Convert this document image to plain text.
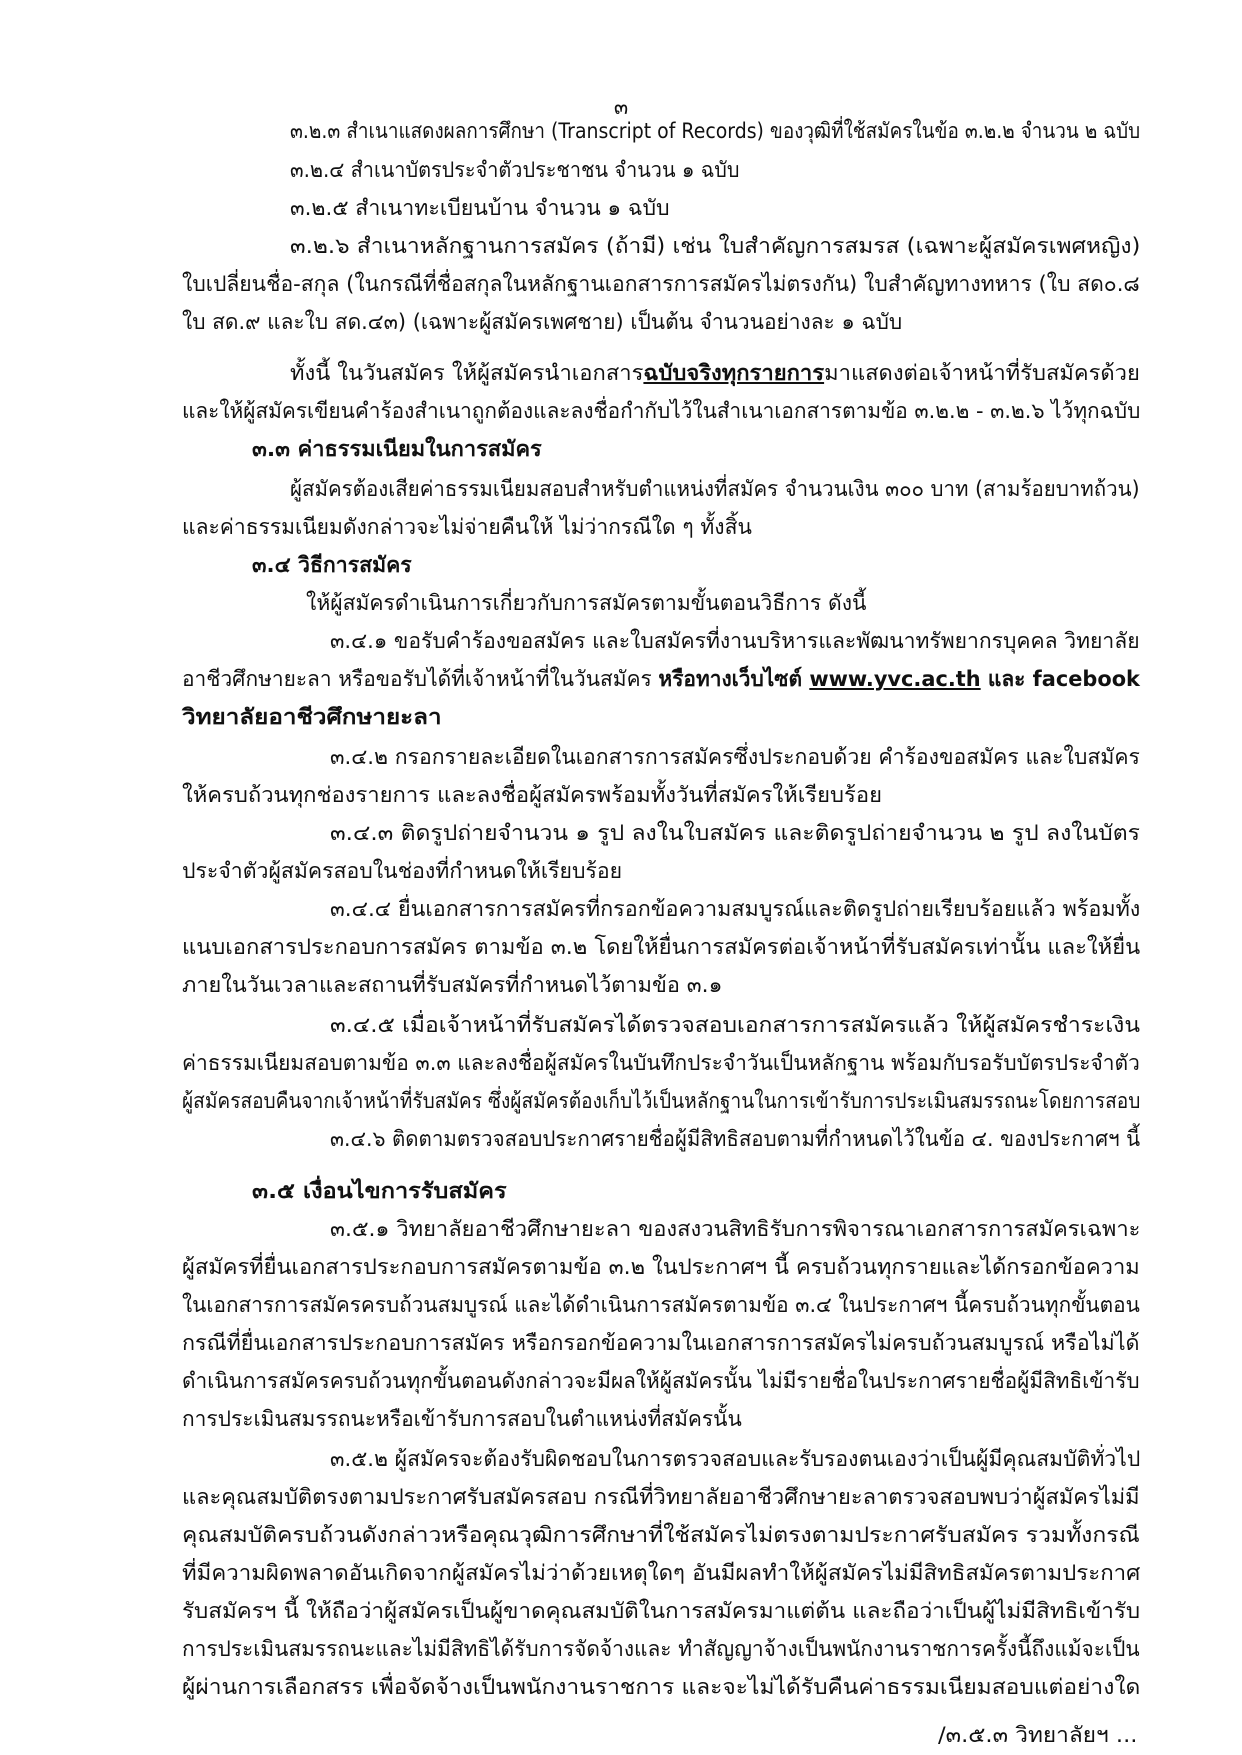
๓
๓.๒.๓ สำเนาแสดงผลการศึกษา (Transcript of Records) ของวุฒิที่ใช้สมัครในข้อ ๓.๒.๒ จำนวน ๒ ฉบับ
๓.๒.๔ สำเนาบัตรประจำตัวประชาชน จำนวน ๑ ฉบับ
๓.๒.๕ สำเนาทะเบียนบ้าน จำนวน ๑ ฉบับ
๓.๒.๖ สำเนาหลักฐานการสมัคร (ถ้ามี) เช่น ใบสำคัญการสมรส (เฉพาะผู้สมัครเพศหญิง)
ใบเปลี่ยนชื่อ-สกุล (ในกรณีที่ชื่อสกุลในหลักฐานเอกสารการสมัครไม่ตรงกัน) ใบสำคัญทางทหาร (ใบ สด๐.๘
ใบ สด.๙ และใบ สด.๔๓) (เฉพาะผู้สมัครเพศชาย) เป็นต้น จำนวนอย่างละ ๑ ฉบับ
ทั้งนี้ ในวันสมัคร ให้ผู้สมัครนำเอกสารฉบับจริงทุกรายการมาแสดงต่อเจ้าหน้าที่รับสมัครด้วย
และให้ผู้สมัครเขียนคำร้องสำเนาถูกต้องและลงชื่อกำกับไว้ในสำเนาเอกสารตามข้อ ๓.๒.๒ - ๓.๒.๖ ไว้ทุกฉบับ
๓.๓ ค่าธรรมเนียมในการสมัคร
ผู้สมัครต้องเสียค่าธรรมเนียมสอบสำหรับตำแหน่งที่สมัคร จำนวนเงิน ๓๐๐ บาท (สามร้อยบาทถ้วน)
และค่าธรรมเนียมดังกล่าวจะไม่จ่ายคืนให้ ไม่ว่ากรณีใด ๆ ทั้งสิ้น
๓.๔ วิธีการสมัคร
ให้ผู้สมัครดำเนินการเกี่ยวกับการสมัครตามขั้นตอนวิธีการ ดังนี้
๓.๔.๑ ขอรับคำร้องขอสมัคร และใบสมัครที่งานบริหารและพัฒนาทรัพยากรบุคคล วิทยาลัย
อาชีวศึกษายะลา หรือขอรับได้ที่เจ้าหน้าที่ในวันสมัคร หรือทางเว็บไซต์ www.yvc.ac.th และ facebook
วิทยาลัยอาชีวศึกษายะลา
๓.๔.๒ กรอกรายละเอียดในเอกสารการสมัครซึ่งประกอบด้วย คำร้องขอสมัคร และใบสมัคร
ให้ครบถ้วนทุกช่องรายการ และลงชื่อผู้สมัครพร้อมทั้งวันที่สมัครให้เรียบร้อย
๓.๔.๓ ติดรูปถ่ายจำนวน ๑ รูป ลงในใบสมัคร และติดรูปถ่ายจำนวน ๒ รูป ลงในบัตร
ประจำตัวผู้สมัครสอบในช่องที่กำหนดให้เรียบร้อย
๓.๔.๔ ยื่นเอกสารการสมัครที่กรอกข้อความสมบูรณ์และติดรูปถ่ายเรียบร้อยแล้ว พร้อมทั้ง
แนบเอกสารประกอบการสมัคร ตามข้อ ๓.๒ โดยให้ยื่นการสมัครต่อเจ้าหน้าที่รับสมัครเท่านั้น และให้ยื่น
ภายในวันเวลาและสถานที่รับสมัครที่กำหนดไว้ตามข้อ ๓.๑
๓.๔.๕ เมื่อเจ้าหน้าที่รับสมัครได้ตรวจสอบเอกสารการสมัครแล้ว ให้ผู้สมัครชำระเงิน
ค่าธรรมเนียมสอบตามข้อ ๓.๓ และลงชื่อผู้สมัครในบันทึกประจำวันเป็นหลักฐาน พร้อมกับรอรับบัตรประจำตัว
ผู้สมัครสอบคืนจากเจ้าหน้าที่รับสมัคร ซึ่งผู้สมัครต้องเก็บไว้เป็นหลักฐานในการเข้ารับการประเมินสมรรถนะโดยการสอบ
๓.๔.๖ ติดตามตรวจสอบประกาศรายชื่อผู้มีสิทธิสอบตามที่กำหนดไว้ในข้อ ๔. ของประกาศฯ นี้
๓.๕ เงื่อนไขการรับสมัคร
๓.๕.๑ วิทยาลัยอาชีวศึกษายะลา ของสงวนสิทธิรับการพิจารณาเอกสารการสมัครเฉพาะ
ผู้สมัครที่ยื่นเอกสารประกอบการสมัครตามข้อ ๓.๒ ในประกาศฯ นี้ ครบถ้วนทุกรายและได้กรอกข้อความ
ในเอกสารการสมัครครบถ้วนสมบูรณ์ และได้ดำเนินการสมัครตามข้อ ๓.๔ ในประกาศฯ นี้ครบถ้วนทุกขั้นตอน
กรณีที่ยื่นเอกสารประกอบการสมัคร หรือกรอกข้อความในเอกสารการสมัครไม่ครบถ้วนสมบูรณ์ หรือไม่ได้
ดำเนินการสมัครครบถ้วนทุกขั้นตอนดังกล่าวจะมีผลให้ผู้สมัครนั้น ไม่มีรายชื่อในประกาศรายชื่อผู้มีสิทธิเข้ารับ
การประเมินสมรรถนะหรือเข้ารับการสอบในตำแหน่งที่สมัครนั้น
๓.๕.๒ ผู้สมัครจะต้องรับผิดชอบในการตรวจสอบและรับรองตนเองว่าเป็นผู้มีคุณสมบัติทั่วไป
และคุณสมบัติตรงตามประกาศรับสมัครสอบ กรณีที่วิทยาลัยอาชีวศึกษายะลาตรวจสอบพบว่าผู้สมัครไม่มี
คุณสมบัติครบถ้วนดังกล่าวหรือคุณวุฒิการศึกษาที่ใช้สมัครไม่ตรงตามประกาศรับสมัคร รวมทั้งกรณี
ที่มีความผิดพลาดอันเกิดจากผู้สมัครไม่ว่าด้วยเหตุใดๆ อันมีผลทำให้ผู้สมัครไม่มีสิทธิสมัครตามประกาศ
รับสมัครฯ นี้ ให้ถือว่าผู้สมัครเป็นผู้ขาดคุณสมบัติในการสมัครมาแต่ต้น และถือว่าเป็นผู้ไม่มีสิทธิเข้ารับ
การประเมินสมรรถนะและไม่มีสิทธิได้รับการจัดจ้างและ ทำสัญญาจ้างเป็นพนักงานราชการครั้งนี้ถึงแม้จะเป็น
ผู้ผ่านการเลือกสรร เพื่อจัดจ้างเป็นพนักงานราชการ และจะไม่ได้รับคืนค่าธรรมเนียมสอบแต่อย่างใด
/๓.๕.๓ วิทยาลัยฯ ...
